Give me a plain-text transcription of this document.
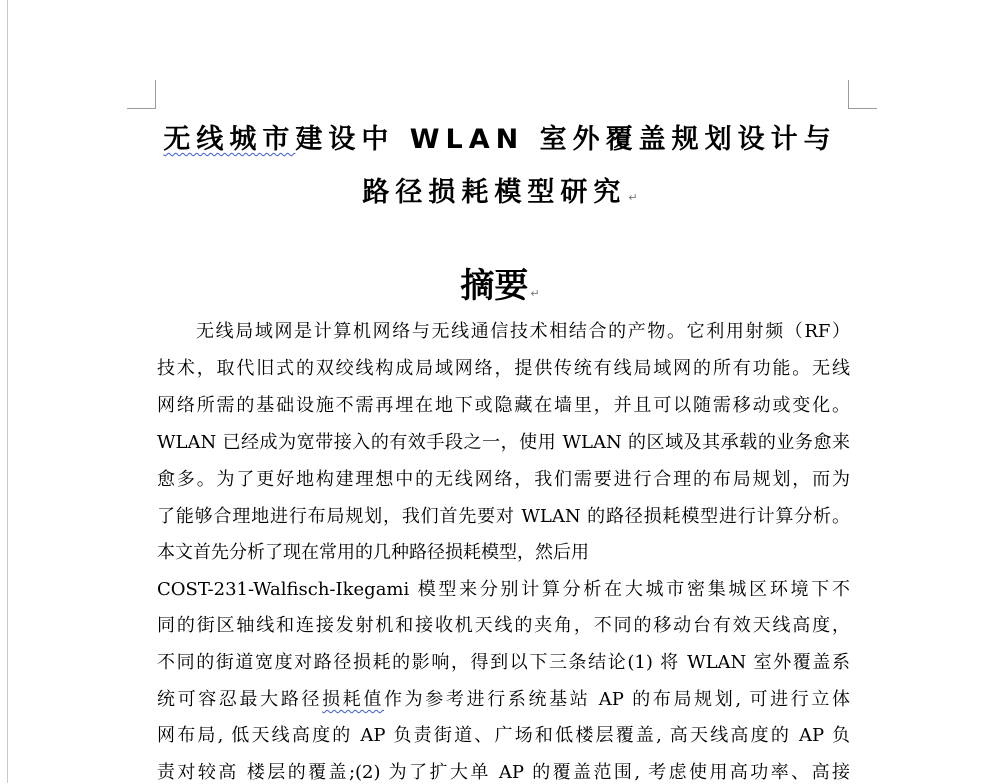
无线城市建设中 WLAN 室外覆盖规划设计与
路径损耗模型研究 ↵
摘要 ↵
无线局域网是计算机网络与无线通信技术相结合的产物。它利用射频（RF）
技术，取代旧式的双绞线构成局域网络，提供传统有线局域网的所有功能。无线
网络所需的基础设施不需再埋在地下或隐藏在墙里，并且可以随需移动或变化。
WLAN 已经成为宽带接入的有效手段之一，使用 WLAN 的区域及其承载的业务愈来
愈多。为了更好地构建理想中的无线网络，我们需要进行合理的布局规划，而为
了能够合理地进行布局规划，我们首先要对 WLAN 的路径损耗模型进行计算分析。
本文首先分析了现在常用的几种路径损耗模型，然后用
COST-231-Walfisch-Ikegami 模型来分别计算分析在大城市密集城区环境下不
同的街区轴线和连接发射机和接收机天线的夹角，不同的移动台有效天线高度，
不同的街道宽度对路径损耗的影响，得到以下三条结论(1) 将 WLAN 室外覆盖系
统可容忍最大路径损耗值作为参考进行系统基站 AP 的布局规划, 可进行立体
网布局, 低天线高度的 AP 负责街道、广场和低楼层覆盖, 高天线高度的 AP 负
责对较高 楼层的覆盖;(2) 为了扩大单 AP 的覆盖范围, 考虑使用高功率、高接
